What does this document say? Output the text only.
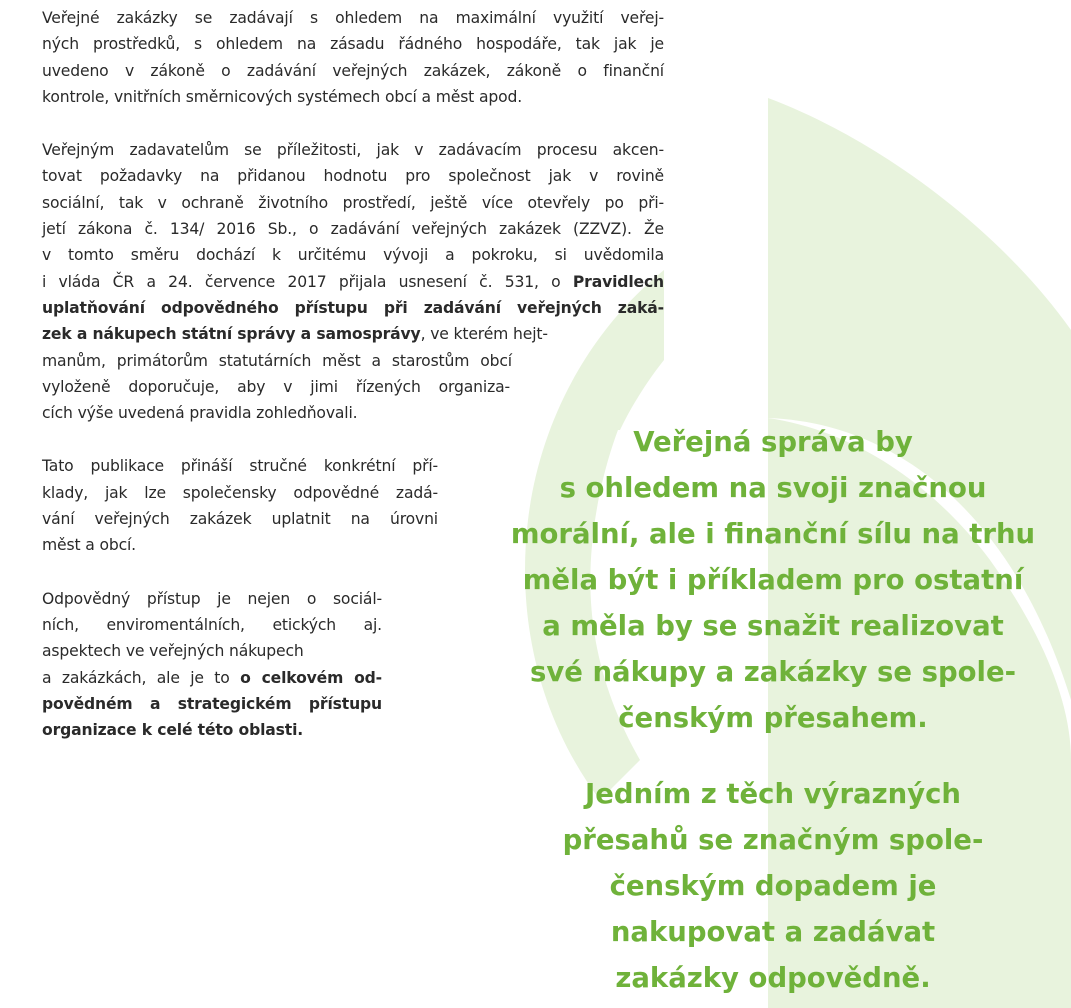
Veřejné zakázky se zadávají s ohledem na maximální využití veřej-
ných prostředků, s ohledem na zásadu řádného hospodáře, tak jak je
uvedeno v zákoně o zadávání veřejných zakázek, zákoně o finanční
kontrole, vnitřních směrnicových systémech obcí a měst apod.

Veřejným zadavatelům se příležitosti, jak v zadávacím procesu akcen-
tovat požadavky na přidanou hodnotu pro společnost jak v rovině
sociální, tak v ochraně životního prostředí, ještě více otevřely po při-
jetí zákona č. 134/ 2016 Sb., o zadávání veřejných zakázek (ZZVZ). Že
v tomto směru dochází k určitému vývoji a pokroku, si uvědomila
i vláda ČR a 24. července 2017 přijala usnesení č. 531, o Pravidlech
uplatňování odpovědného přístupu při zadávání veřejných zaká-
zek a nákupech státní správy a samosprávy, ve kterém hejt-
manům, primátorům statutárních měst a starostům obcí
vyloženě doporučuje, aby v jimi řízených organiza-
cích výše uvedená pravidla zohledňovali.

Tato publikace přináší stručné konkrétní pří-
klady, jak lze společensky odpovědné zadá-
vání veřejných zakázek uplatnit na úrovni
měst a obcí.

Odpovědný přístup je nejen o sociál-
ních, enviromentálních, etických aj.
aspektech ve veřejných nákupech
a zakázkách, ale je to o celkovém od-
povědném a strategickém přístupu
organizace k celé této oblasti.

Veřejná správa by
s ohledem na svoji značnou
morální, ale i finanční sílu na trhu
měla být i příkladem pro ostatní
a měla by se snažit realizovat
své nákupy a zakázky se spole-
čenským přesahem.
Jedním z těch výrazných
přesahů se značným spole-
čenským dopadem je
nakupovat a zadávat
zakázky odpovědně.
